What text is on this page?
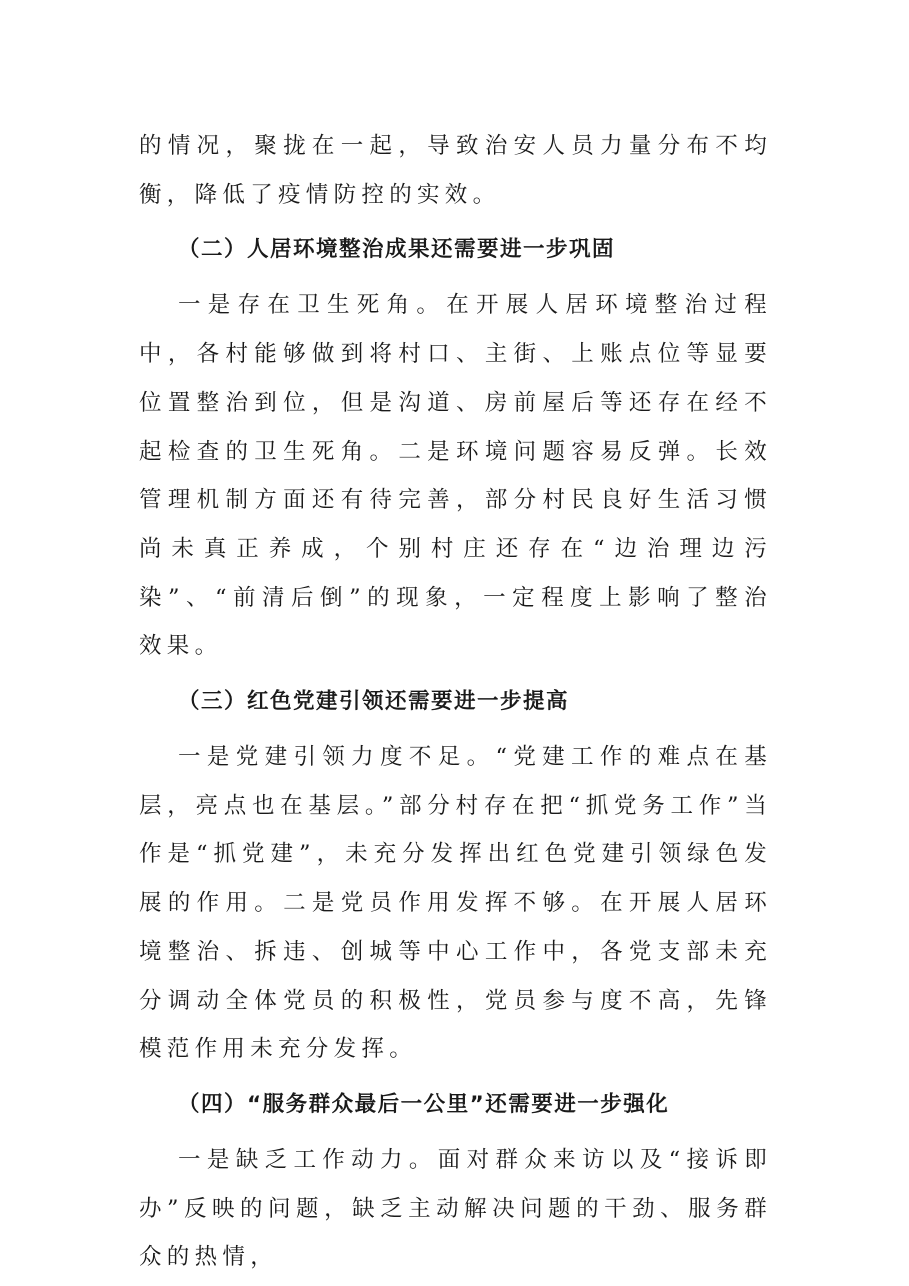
的情况，聚拢在一起，导致治安人员力量分布不均衡，降低了疫情防控的实效。

（二）人居环境整治成果还需要进一步巩固

一是存在卫生死角。在开展人居环境整治过程中，各村能够做到将村口、主街、上账点位等显要位置整治到位，但是沟道、房前屋后等还存在经不起检查的卫生死角。二是环境问题容易反弹。长效管理机制方面还有待完善，部分村民良好生活习惯尚未真正养成，个别村庄还存在“边治理边污染”、“前清后倒”的现象，一定程度上影响了整治效果。

（三）红色党建引领还需要进一步提高

一是党建引领力度不足。“党建工作的难点在基层，亮点也在基层。”部分村存在把“抓党务工作”当作是“抓党建”，未充分发挥出红色党建引领绿色发展的作用。二是党员作用发挥不够。在开展人居环境整治、拆违、创城等中心工作中，各党支部未充分调动全体党员的积极性，党员参与度不高，先锋模范作用未充分发挥。

（四）“服务群众最后一公里”还需要进一步强化

一是缺乏工作动力。面对群众来访以及“接诉即办”反映的问题，缺乏主动解决问题的干劲、服务群众的热情，
